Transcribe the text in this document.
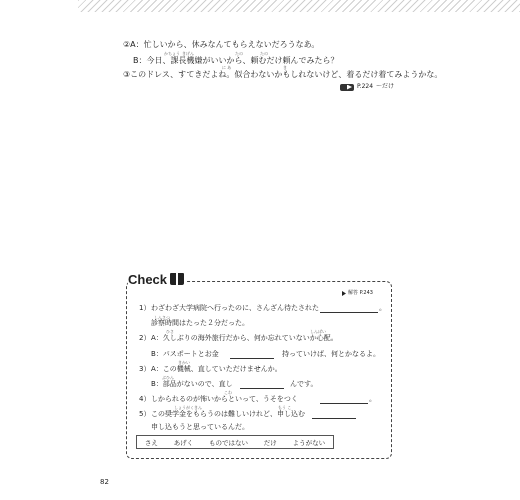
②A：忙しいから、休みなんてもらえないだろうなあ。
かちょう きげん	たの	たの
B：今日、課長機嫌がいいから、頼むだけ頼んでみたら？
に あ	き
③このドレス、すてきだよね。似合わないかもしれないけど、着るだけ着てみようかな。
P.224 〜だけ
Check
解答 P.243
1）わざわざ大学病院へ行ったのに、さんざん待たされた	。
しんさつ
診察時間はたった２分だった。
ひさ	しんぱい
2）A：久しぶりの海外旅行だから、何か忘れていないか心配。
B：パスポートとお金	持っていけば、何とかなるよ。
きかい
3）A：この機械、直していただけませんか。
ぶひん
B：部品がないので、直し	んです。
こわ
4）しかられるのが怖いからといって、うそをつく	。
しょうがくきん	もう こ
5）この奨学金をもらうのは難しいけれど、申し込む
申し込もうと思っているんだ。
さえ あげく ものではない だけ ようがない
82
